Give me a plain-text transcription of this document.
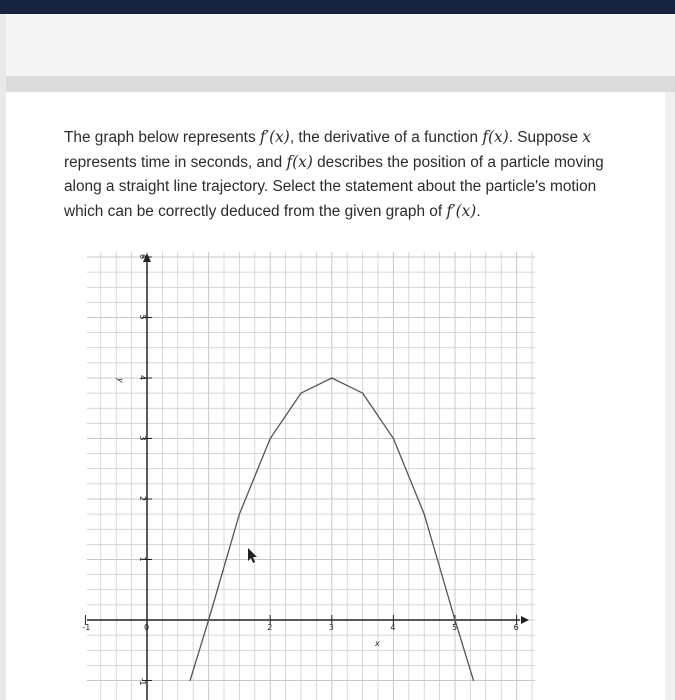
The graph below represents f′(x), the derivative of a function f(x). Suppose x represents time in seconds, and f(x) describes the position of a particle moving along a straight line trajectory. Select the statement about the particle's motion which can be correctly deduced from the given graph of f′(x).
-1	0	2	3	4	5	6
-1
1
2
3
4
5
6
x
y
